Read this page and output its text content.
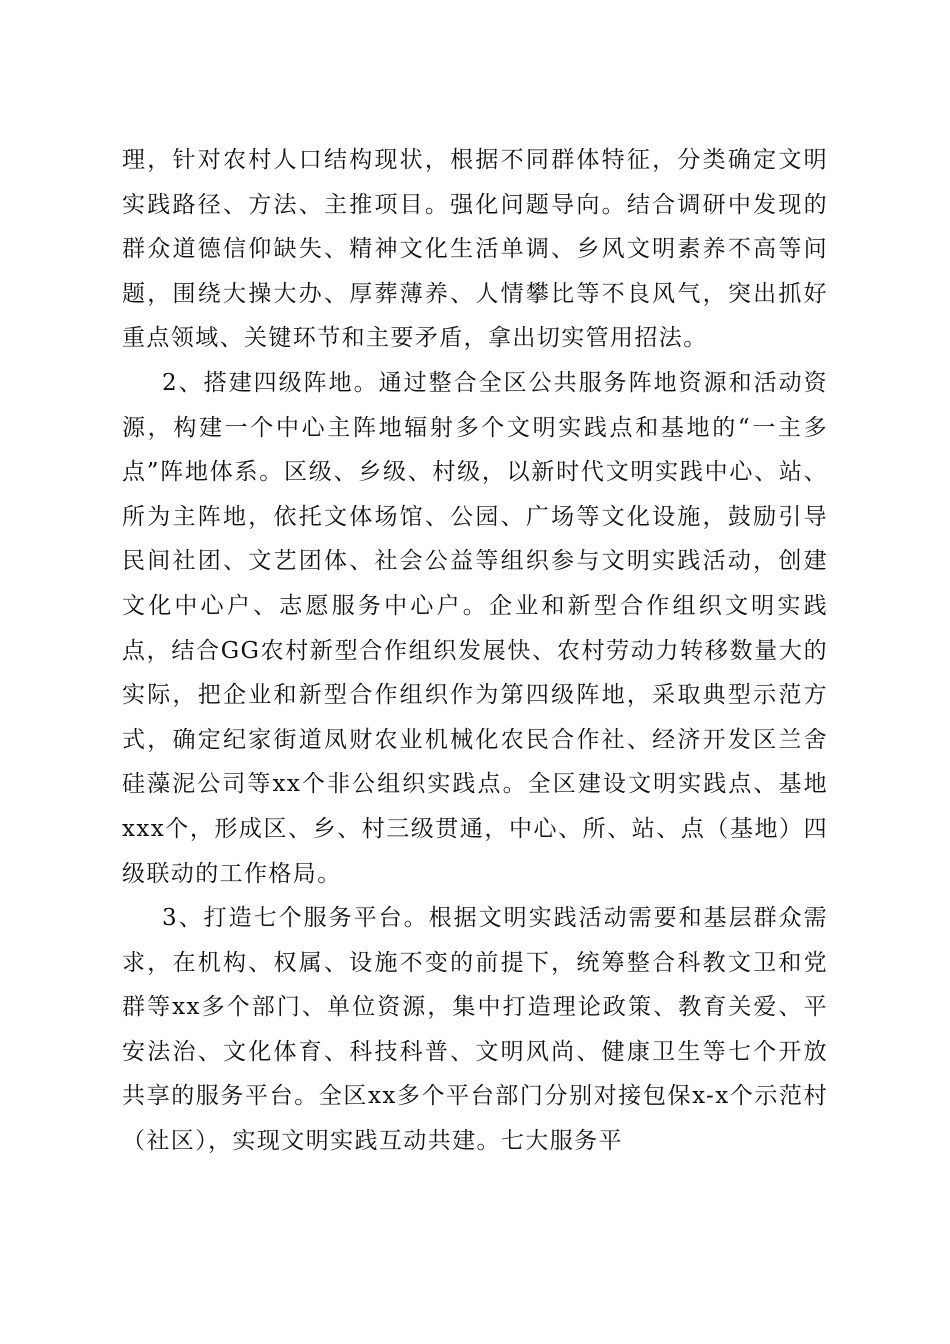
理，针对农村人口结构现状，根据不同群体特征，分类确定文明实践路径、方法、主推项目。强化问题导向。结合调研中发现的群众道德信仰缺失、精神文化生活单调、乡风文明素养不高等问题，围绕大操大办、厚葬薄养、人情攀比等不良风气，突出抓好重点领域、关键环节和主要矛盾，拿出切实管用招法。

2、搭建四级阵地。通过整合全区公共服务阵地资源和活动资源，构建一个中心主阵地辐射多个文明实践点和基地的“一主多点”阵地体系。区级、乡级、村级，以新时代文明实践中心、站、所为主阵地，依托文体场馆、公园、广场等文化设施，鼓励引导民间社团、文艺团体、社会公益等组织参与文明实践活动，创建文化中心户、志愿服务中心户。企业和新型合作组织文明实践点，结合GG农村新型合作组织发展快、农村劳动力转移数量大的实际，把企业和新型合作组织作为第四级阵地，采取典型示范方式，确定纪家街道凤财农业机械化农民合作社、经济开发区兰舍硅藻泥公司等xx个非公组织实践点。全区建设文明实践点、基地xxx个，形成区、乡、村三级贯通，中心、所、站、点（基地）四级联动的工作格局。

3、打造七个服务平台。根据文明实践活动需要和基层群众需求，在机构、权属、设施不变的前提下，统筹整合科教文卫和党群等xx多个部门、单位资源，集中打造理论政策、教育关爱、平安法治、文化体育、科技科普、文明风尚、健康卫生等七个开放共享的服务平台。全区xx多个平台部门分别对接包保x-x个示范村（社区），实现文明实践互动共建。七大服务平
